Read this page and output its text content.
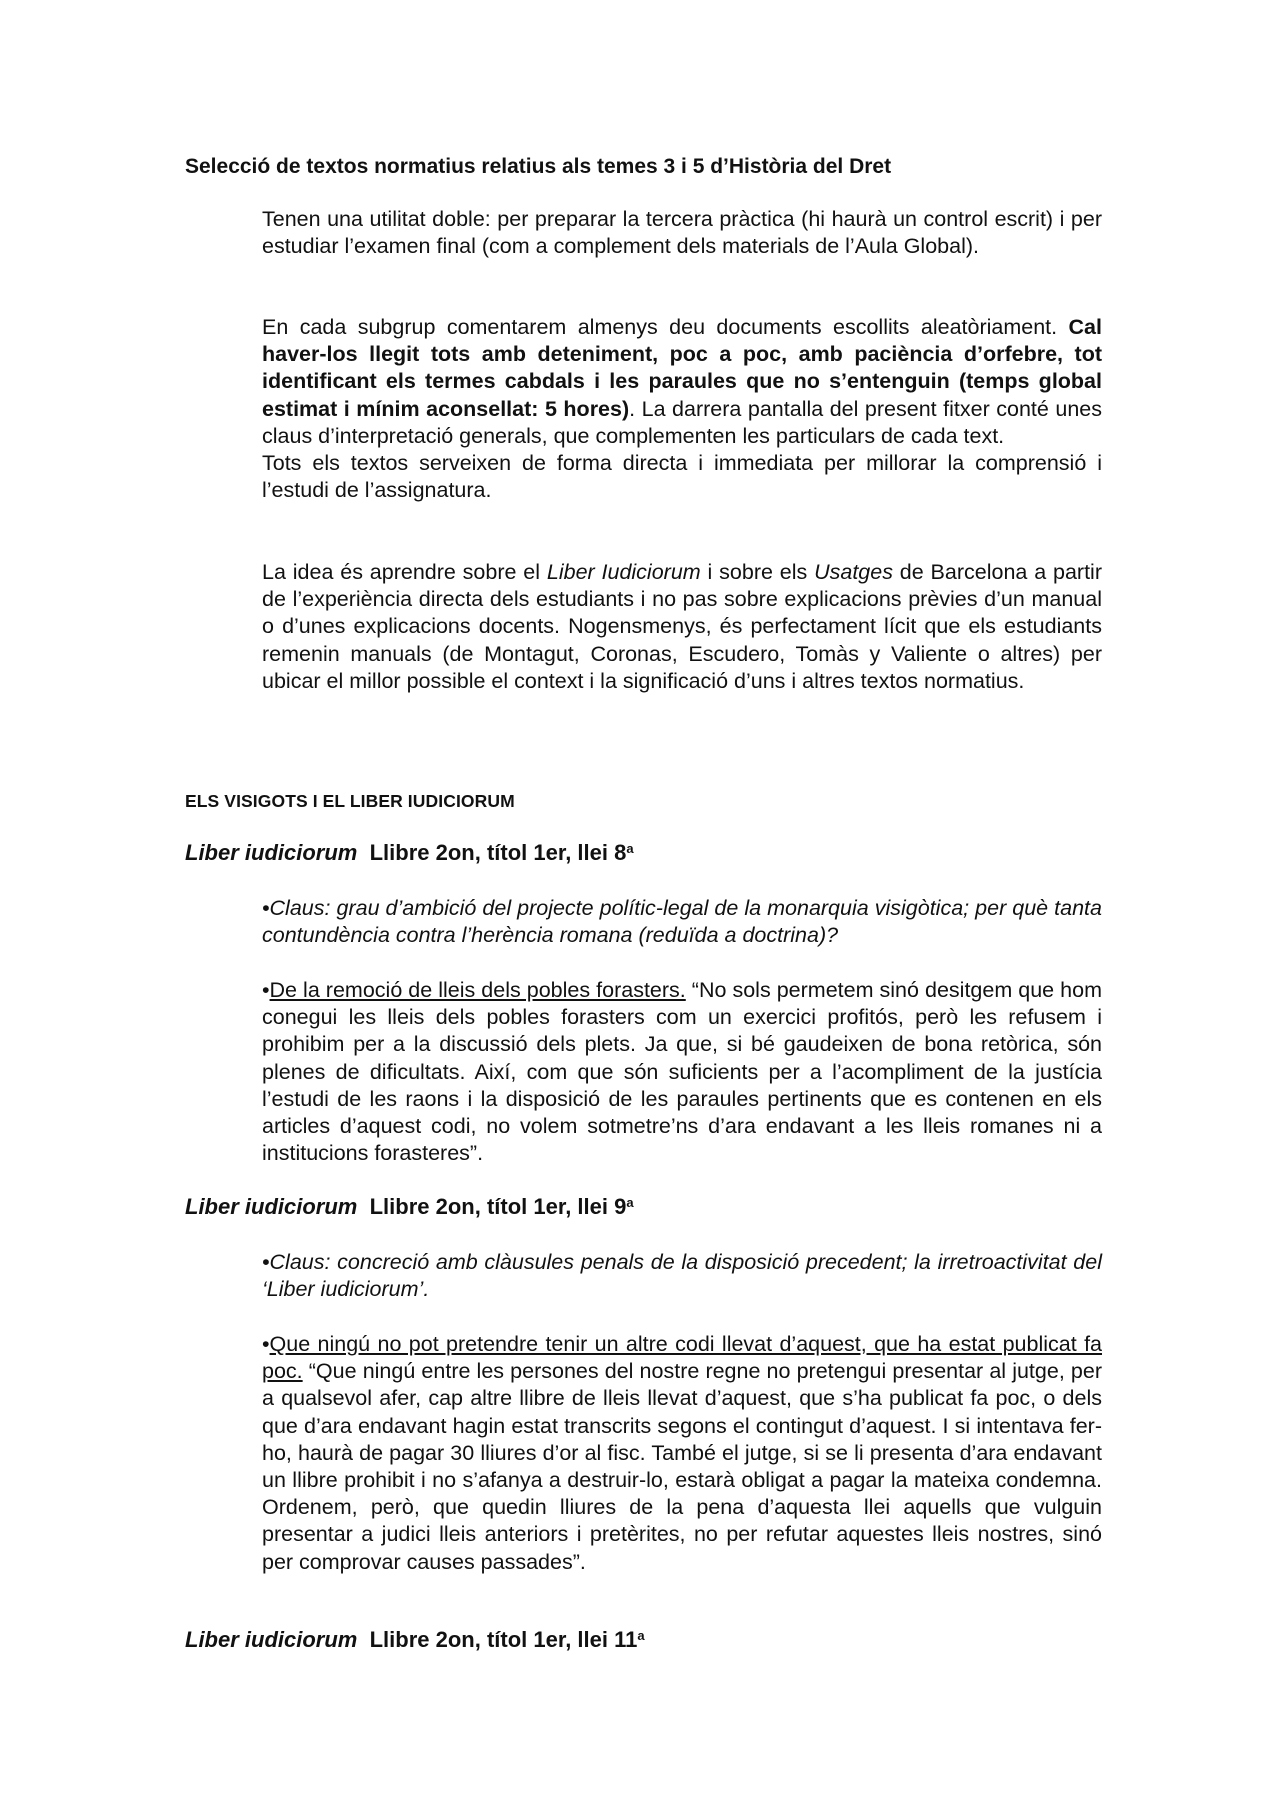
Selecció de textos normatius relatius als temes 3 i 5 d’Història del Dret

Tenen una utilitat doble: per preparar la tercera pràctica (hi haurà un control escrit) i per estudiar l’examen final (com a complement dels materials de l’Aula Global).

En cada subgrup comentarem almenys deu documents escollits aleatòriament. Cal haver-los llegit tots amb deteniment, poc a poc, amb paciència d’orfebre, tot identificant els termes cabdals i les paraules que no s’entenguin (temps global estimat i mínim aconsellat: 5 hores). La darrera pantalla del present fitxer conté unes claus d’interpretació generals, que complementen les particulars de cada text.

Tots els textos serveixen de forma directa i immediata per millorar la comprensió i l’estudi de l’assignatura.

La idea és aprendre sobre el Liber Iudiciorum i sobre els Usatges de Barcelona a partir de l’experiència directa dels estudiants i no pas sobre explicacions prèvies d’un manual o d’unes explicacions docents. Nogensmenys, és perfectament lícit que els estudiants remenin manuals (de Montagut, Coronas, Escudero, Tomàs y Valiente o altres) per ubicar el millor possible el context i la significació d’uns i altres textos normatius.

ELS VISIGOTS I EL LIBER IUDICIORUM
Liber iudiciorum Llibre 2on, títol 1er, llei 8$^a$

•Claus: grau d’ambició del projecte polític-legal de la monarquia visigòtica; per què tanta contundència contra l’herència romana (reduïda a doctrina)?

•De la remoció de lleis dels pobles forasters. “No sols permetem sinó desitgem que hom conegui les lleis dels pobles forasters com un exercici profitós, però les refusem i prohibim per a la discussió dels plets. Ja que, si bé gaudeixen de bona retòrica, són plenes de dificultats. Així, com que són suficients per a l’acompliment de la justícia l’estudi de les raons i la disposició de les paraules pertinents que es contenen en els articles d’aquest codi, no volem sotmetre’ns d’ara endavant a les lleis romanes ni a institucions forasteres”.

Liber iudiciorum Llibre 2on, títol 1er, llei 9$^a$

•Claus: concreció amb clàusules penals de la disposició precedent; la irretroactivitat del ‘Liber iudiciorum’.

•Que ningú no pot pretendre tenir un altre codi llevat d’aquest, que ha estat publicat fa poc. “Que ningú entre les persones del nostre regne no pretengui presentar al jutge, per a qualsevol afer, cap altre llibre de lleis llevat d’aquest, que s’ha publicat fa poc, o dels que d’ara endavant hagin estat transcrits segons el contingut d’aquest. I si intentava fer-ho, haurà de pagar 30 lliures d’or al fisc. També el jutge, si se li presenta d’ara endavant un llibre prohibit i no s’afanya a destruir-lo, estarà obligat a pagar la mateixa condemna. Ordenem, però, que quedin lliures de la pena d’aquesta llei aquells que vulguin presentar a judici lleis anteriors i pretèrites, no per refutar aquestes lleis nostres, sinó per comprovar causes passades”.

Liber iudiciorum Llibre 2on, títol 1er, llei 11$^a$
